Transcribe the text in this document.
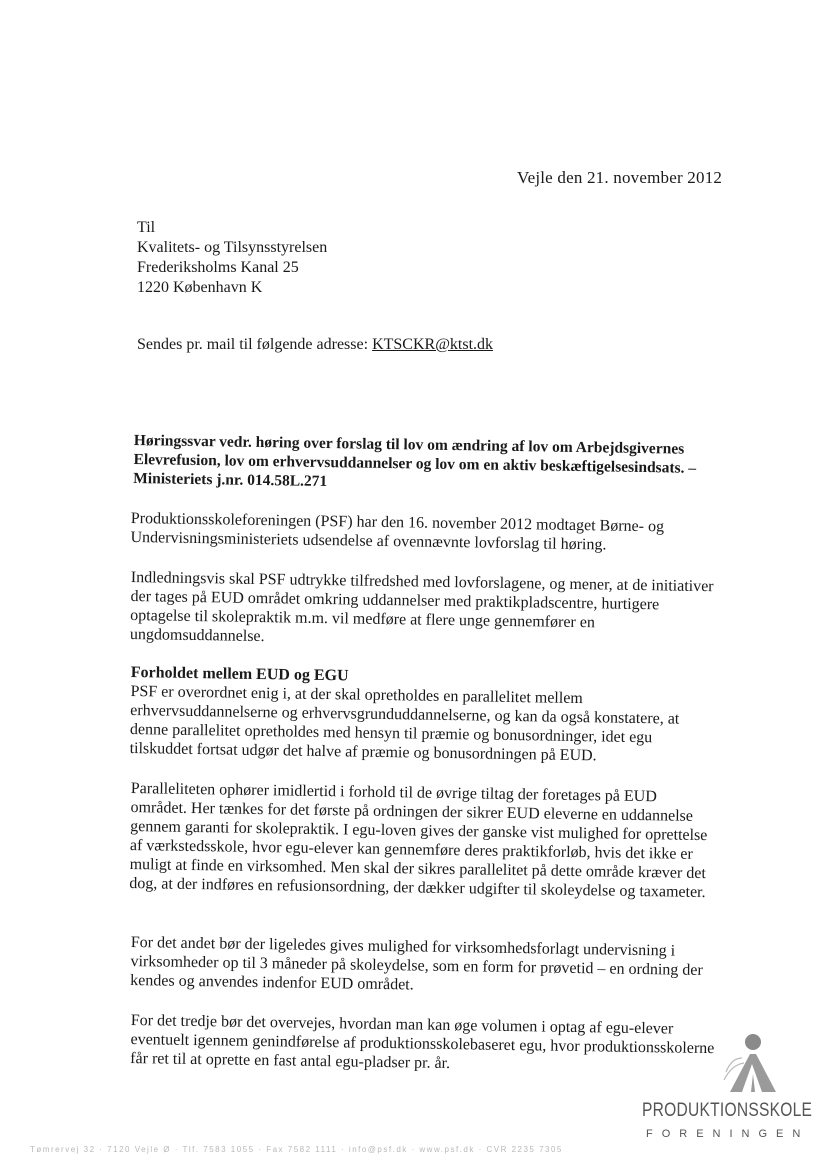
Vejle den 21. november 2012
Til
Kvalitets- og Tilsynsstyrelsen
Frederiksholms Kanal 25
1220 København K
Sendes pr. mail til følgende adresse: KTSCKR@ktst.dk
Høringssvar vedr. høring over forslag til lov om ændring af lov om Arbejdsgivernes Elevrefusion, lov om erhvervsuddannelser og lov om en aktiv beskæftigelsesindsats. – Ministeriets j.nr. 014.58L.271

Produktionsskoleforeningen (PSF) har den 16. november 2012 modtaget Børne- og Undervisningsministeriets udsendelse af ovennævnte lovforslag til høring.

Indledningsvis skal PSF udtrykke tilfredshed med lovforslagene, og mener, at de initiativer der tages på EUD området omkring uddannelser med praktikpladscentre, hurtigere optagelse til skolepraktik m.m. vil medføre at flere unge gennemfører en ungdomsuddannelse.

Forholdet mellem EUD og EGU

PSF er overordnet enig i, at der skal opretholdes en parallelitet mellem erhvervsuddannelserne og erhvervsgrunduddannelserne, og kan da også konstatere, at denne parallelitet opretholdes med hensyn til præmie og bonusordninger, idet egu tilskuddet fortsat udgør det halve af præmie og bonusordningen på EUD.

Paralleliteten ophører imidlertid i forhold til de øvrige tiltag der foretages på EUD området. Her tænkes for det første på ordningen der sikrer EUD eleverne en uddannelse gennem garanti for skolepraktik. I egu-loven gives der ganske vist mulighed for oprettelse af værkstedsskole, hvor egu-elever kan gennemføre deres praktikforløb, hvis det ikke er muligt at finde en virksomhed. Men skal der sikres parallelitet på dette område kræver det dog, at der indføres en refusionsordning, der dækker udgifter til skoleydelse og taxameter.

For det andet bør der ligeledes gives mulighed for virksomhedsforlagt undervisning i virksomheder op til 3 måneder på skoleydelse, som en form for prøvetid – en ordning der kendes og anvendes indenfor EUD området.

For det tredje bør det overvejes, hvordan man kan øge volumen i optag af egu-elever eventuelt igennem genindførelse af produktionsskolebaseret egu, hvor produktionsskolerne får ret til at oprette en fast antal egu-pladser pr. år.

PRODUKTIONSSKOLE
FORENINGEN
Tømrervej 32 · 7120 Vejle Ø · Tlf. 7583 1055 · Fax 7582 1111 · info@psf.dk · www.psf.dk · CVR 2235 7305
